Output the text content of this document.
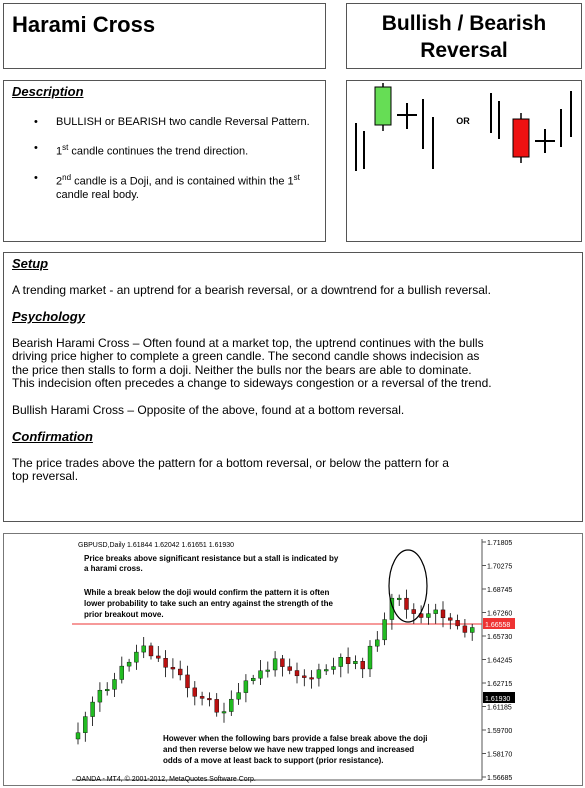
Harami Cross	Bullish / Bearish
Reversal
Description
• BULLISH or BEARISH two candle Reversal Pattern.
• 1st candle continues the trend direction.
• 2nd candle is a Doji, and is contained within the 1st candle real body.
OR

Setup

A trending market - an uptrend for a bearish reversal, or a downtrend for a bullish reversal.

Psychology

Bearish Harami Cross – Often found at a market top, the uptrend continues with the bulls

driving price higher to complete a green candle. The second candle shows indecision as

the price then stalls to form a doji. Neither the bulls nor the bears are able to dominate.

This indecision often precedes a change to sideways congestion or a reversal of the trend.

Bullish Harami Cross – Opposite of the above, found at a bottom reversal.

Confirmation

The price trades above the pattern for a bottom reversal, or below the pattern for a

top reversal.

1.71805
1.70275
1.68745
1.67260
1.65730
1.64245
1.62715
1.61185
1.59700
1.58170
1.56685
1.66558
1.61930
GBPUSD,Daily 1.61844 1.62042 1.61651 1.61930
Price breaks above significant resistance but a stall is indicated by
a harami cross.
While a break below the doji would confirm the pattern it is often
lower probability to take such an entry against the strength of the
prior breakout move.
However when the following bars provide a false break above the doji
and then reverse below we have new trapped longs and increased
odds of a move at least back to support (prior resistance).
OANDA - MT4, © 2001-2012, MetaQuotes Software Corp.
